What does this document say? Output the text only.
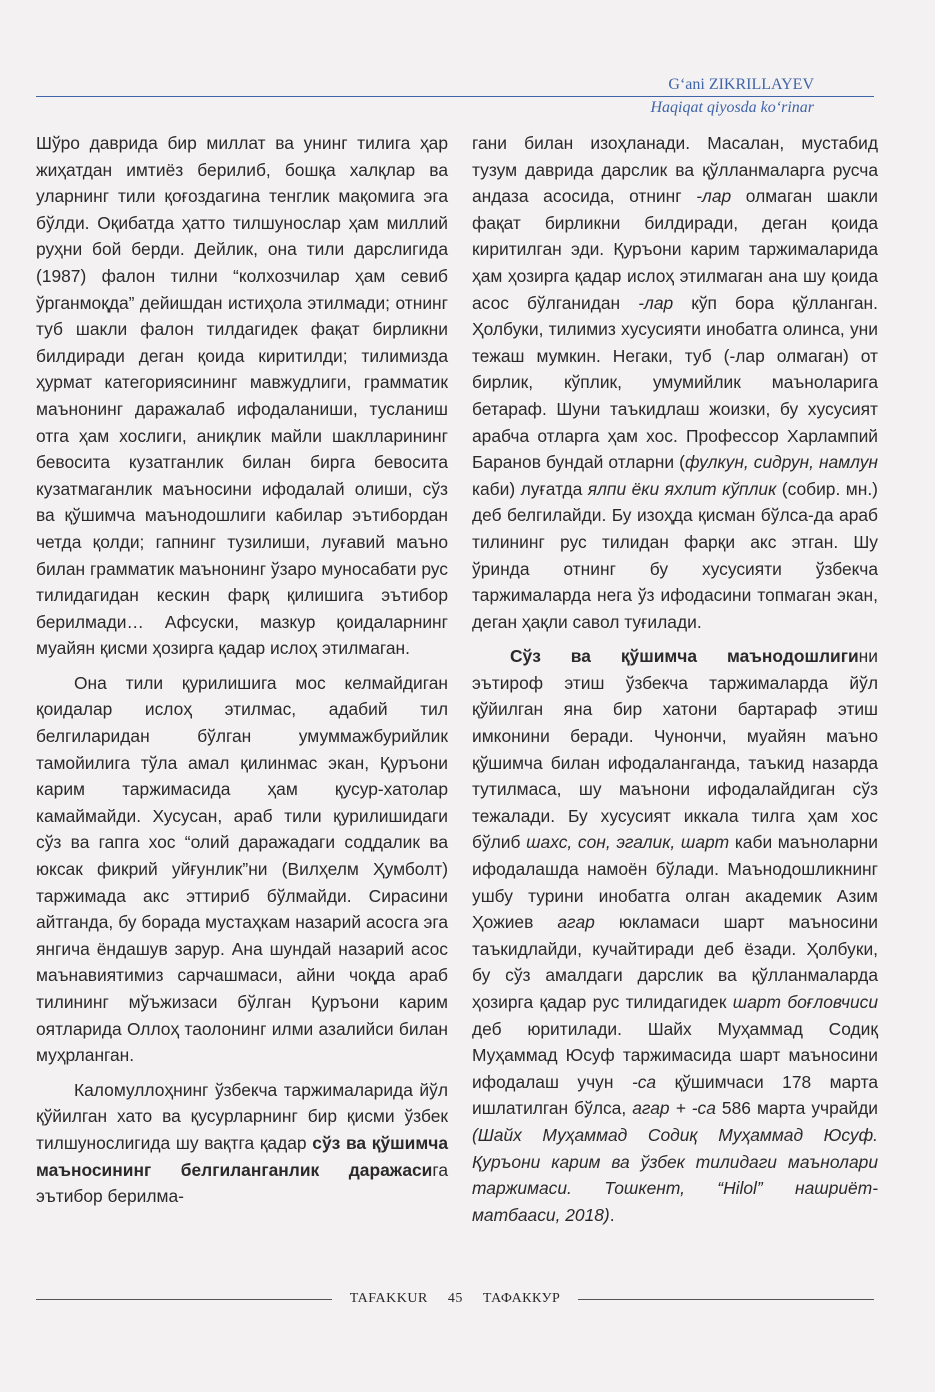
G‘ani ZIKRILLAYEV
Haqiqat qiyosda ko‘rinar

Шўро даврида бир миллат ва унинг тилига ҳар жиҳатдан имтиёз берилиб, бошқа халқлар ва уларнинг тили қоғоздагина тенглик мақомига эга бўлди. Оқибатда ҳатто тилшунослар ҳам миллий руҳни бой берди. Дейлик, она тили дарслигида (1987) фалон тилни “колхозчилар ҳам севиб ўрганмоқда” дейишдан истиҳола этилмади; отнинг туб шакли фалон тилдагидек фақат бирликни билдиради деган қоида киритилди; тилимизда ҳурмат категориясининг мавжудлиги, грамматик маънонинг даражалаб ифодаланиши, тусланиш отга ҳам хослиги, аниқлик майли шаклларининг бевосита кузатганлик билан бирга бевосита кузатмаганлик маъносини ифодалай олиши, сўз ва қўшимча маънодошлиги кабилар эътибордан четда қолди; гапнинг тузилиши, луғавий маъно билан грамматик маънонинг ўзаро муносабати рус тилидагидан кескин фарқ қилишига эътибор берилмади… Афсуски, мазкур қоидаларнинг муайян қисми ҳозирга қадар ислоҳ этилмаган.

Она тили қурилишига мос келмайдиган қоидалар ислоҳ этилмас, адабий тил белгиларидан бўлган умуммажбурийлик тамойилига тўла амал қилинмас экан, Қуръони карим таржимасида ҳам қусур-хатолар камаймайди. Хусусан, араб тили қурилишидаги сўз ва гапга хос “олий даражадаги соддалик ва юксак фикрий уйғунлик”ни (Вилҳелм Ҳумболт) таржимада акс эттириб бўлмайди. Сирасини айтганда, бу борада мустаҳкам назарий асосга эга янгича ёндашув зарур. Ана шундай назарий асос маънавиятимиз сарчашмаси, айни чоқда араб тилининг мўъжизаси бўлган Қуръони карим оятларида Оллоҳ таолонинг илми азалийси билан муҳрланган.

Каломуллоҳнинг ўзбекча таржималарида йўл қўйилган хато ва қусурларнинг бир қисми ўзбек тилшунослигида шу вақтга қадар сўз ва қўшимча маъносининг белгиланганлик даражасига эътибор берилма-

гани билан изоҳланади. Масалан, мустабид тузум даврида дарслик ва қўлланмаларга русча андаза асосида, отнинг -лар олмаган шакли фақат бирликни билдиради, деган қоида киритилган эди. Қуръони карим таржималарида ҳам ҳозирга қадар ислоҳ этилмаган ана шу қоида асос бўлганидан -лар кўп бора қўлланган. Ҳолбуки, тилимиз хусусияти инобатга олинса, уни тежаш мумкин. Негаки, туб (-лар олмаган) от бирлик, кўплик, умумийлик маъноларига бетараф. Шуни таъкидлаш жоизки, бу хусусият арабча отларга ҳам хос. Профессор Харлампий Баранов бундай отларни (фулкун, сидрун, намлун каби) луғатда ялпи ёки яхлит кўплик (собир. мн.) деб белгилайди. Бу изоҳда қисман бўлса-да араб тилининг рус тилидан фарқи акс этган. Шу ўринда отнинг бу хусусияти ўзбекча таржималарда нега ўз ифодасини топмаган экан, деган ҳақли савол туғилади.

Сўз ва қўшимча маънодошлигини эътироф этиш ўзбекча таржималарда йўл қўйилган яна бир хатони бартараф этиш имконини беради. Чунончи, муайян маъно қўшимча билан ифодаланганда, таъкид назарда тутилмаса, шу маънони ифодалайдиган сўз тежалади. Бу хусусият иккала тилга ҳам хос бўлиб шахс, сон, эгалик, шарт каби маъноларни ифодалашда намоён бўлади. Маънодошликнинг ушбу турини инобатга олган академик Азим Ҳожиев агар юкламаси шарт маъносини таъкидлайди, кучайтиради деб ёзади. Ҳолбуки, бу сўз амалдаги дарслик ва қўлланмаларда ҳозирга қадар рус тилидагидек шарт боғловчиси деб юритилади. Шайх Муҳаммад Содиқ Муҳаммад Юсуф таржимасида шарт маъносини ифодалаш учун -са қўшимчаси 178 марта ишлатилган бўлса, агар + -са 586 марта учрайди (Шайх Муҳаммад Содиқ Муҳаммад Юсуф. Қуръони карим ва ўзбек тилидаги маънолари таржимаси. Тошкент, “Hilol” нашриёт-матбааси, 2018).

TAFAKKUR 45 ТАФАККУР
